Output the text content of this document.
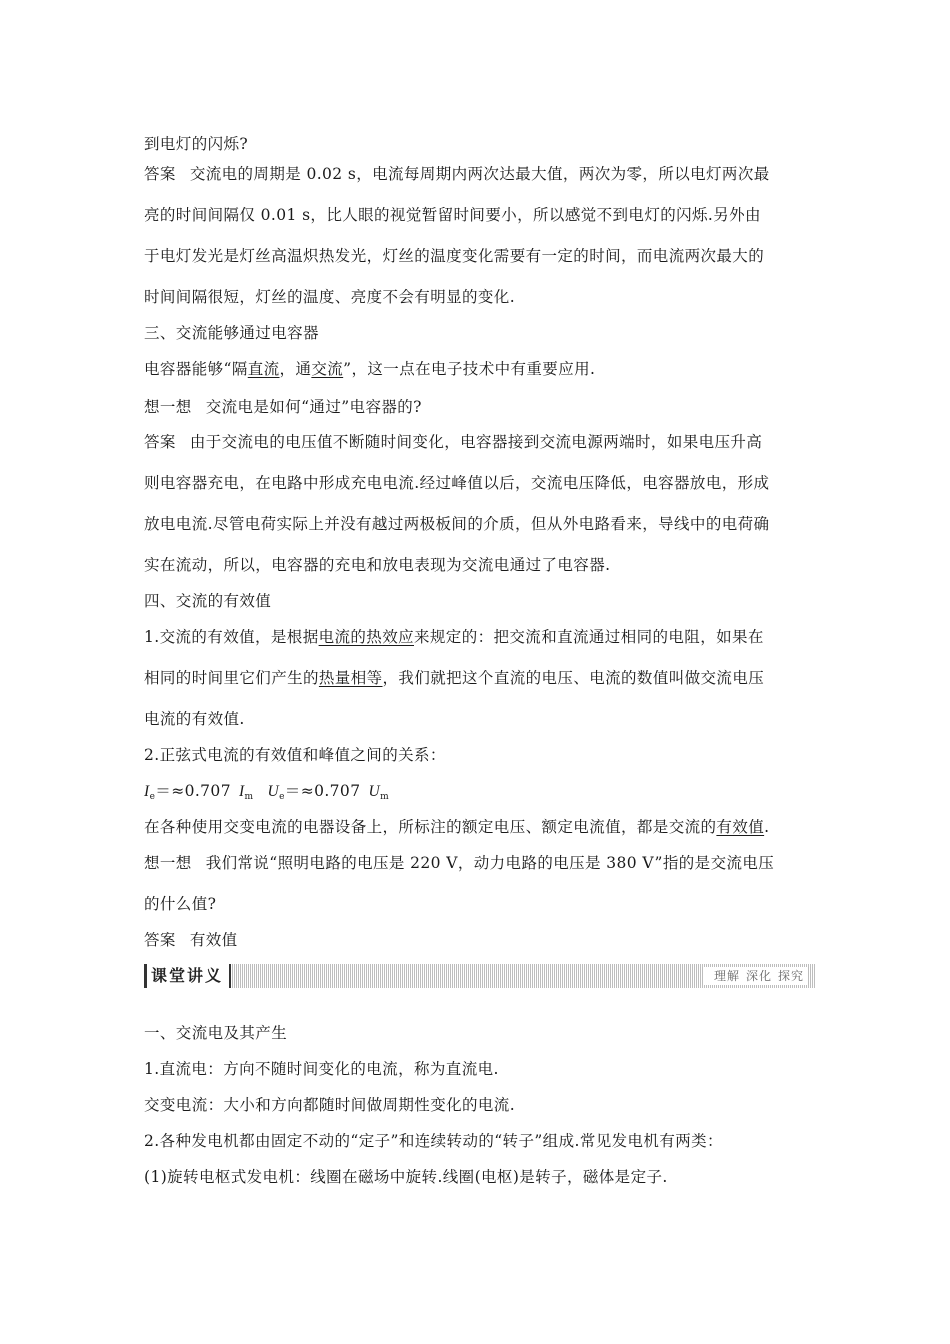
到电灯的闪烁?
答案 交流电的周期是 0.02 s，电流每周期内两次达最大值，两次为零，所以电灯两次最
亮的时间间隔仅 0.01 s，比人眼的视觉暂留时间要小，所以感觉不到电灯的闪烁.另外由
于电灯发光是灯丝高温炽热发光，灯丝的温度变化需要有一定的时间，而电流两次最大的
时间间隔很短，灯丝的温度、亮度不会有明显的变化.
三、交流能够通过电容器
电容器能够“隔直流，通交流”，这一点在电子技术中有重要应用.
想一想 交流电是如何“通过”电容器的?
答案 由于交流电的电压值不断随时间变化，电容器接到交流电源两端时，如果电压升高
则电容器充电，在电路中形成充电电流.经过峰值以后，交流电压降低，电容器放电，形成
放电电流.尽管电荷实际上并没有越过两极板间的介质，但从外电路看来，导线中的电荷确
实在流动，所以，电容器的充电和放电表现为交流电通过了电容器.
四、交流的有效值
1.交流的有效值，是根据电流的热效应来规定的：把交流和直流通过相同的电阻，如果在
相同的时间里它们产生的热量相等，我们就把这个直流的电压、电流的数值叫做交流电压
电流的有效值.
2.正弦式电流的有效值和峰值之间的关系：
$I_e=\approx 0.707$ $I_m$ $U_e=\approx 0.707$ $U_m$
在各种使用交变电流的电器设备上，所标注的额定电压、额定电流值，都是交流的有效值.
想一想 我们常说“照明电路的电压是 220 V，动力电路的电压是 380 V”指的是交流电压
的什么值?
答案 有效值
课堂讲义	理解 深化 探究
一、交流电及其产生
1.直流电：方向不随时间变化的电流，称为直流电.
交变电流：大小和方向都随时间做周期性变化的电流.
2.各种发电机都由固定不动的“定子”和连续转动的“转子”组成.常见发电机有两类：
(1)旋转电枢式发电机：线圈在磁场中旋转.线圈(电枢)是转子，磁体是定子.
